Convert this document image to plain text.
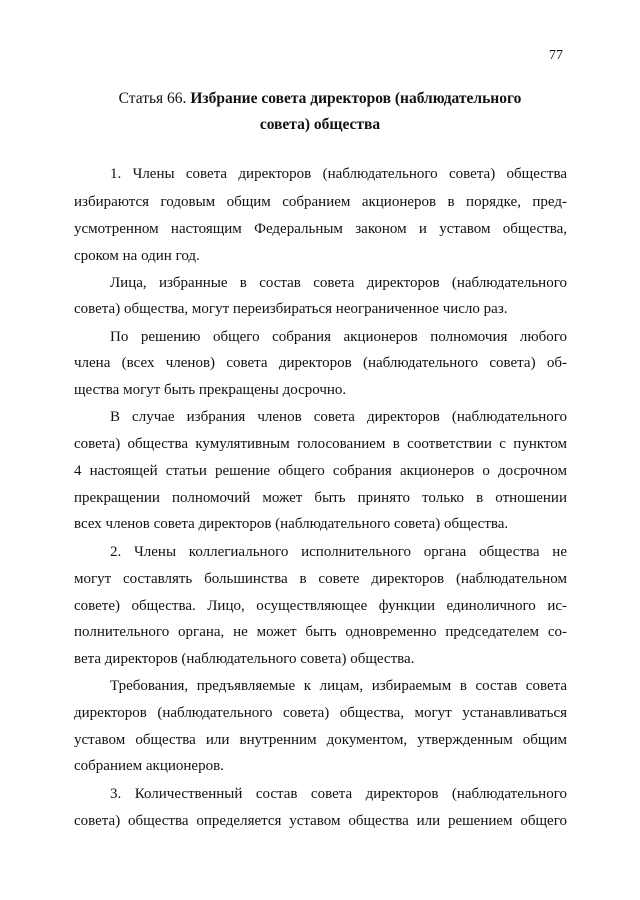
77
Статья 66. Избрание совета директоров (наблюдательного
совета) общества
1. Члены совета директоров (наблюдательного совета) общества
избираются годовым общим собранием акционеров в порядке, пред-
усмотренном настоящим Федеральным законом и уставом общества,
сроком на один год.
Лица, избранные в состав совета директоров (наблюдательного
совета) общества, могут переизбираться неограниченное число раз.
По решению общего собрания акционеров полномочия любого
члена (всех членов) совета директоров (наблюдательного совета) об-
щества могут быть прекращены досрочно.
В случае избрания членов совета директоров (наблюдательного
совета) общества кумулятивным голосованием в соответствии с пунктом
4 настоящей статьи решение общего собрания акционеров о досрочном
прекращении полномочий может быть принято только в отношении
всех членов совета директоров (наблюдательного совета) общества.
2. Члены коллегиального исполнительного органа общества не
могут составлять большинства в совете директоров (наблюдательном
совете) общества. Лицо, осуществляющее функции единоличного ис-
полнительного органа, не может быть одновременно председателем со-
вета директоров (наблюдательного совета) общества.
Требования, предъявляемые к лицам, избираемым в состав совета
директоров (наблюдательного совета) общества, могут устанавливаться
уставом общества или внутренним документом, утвержденным общим
собранием акционеров.
3. Количественный состав совета директоров (наблюдательного
совета) общества определяется уставом общества или решением общего
